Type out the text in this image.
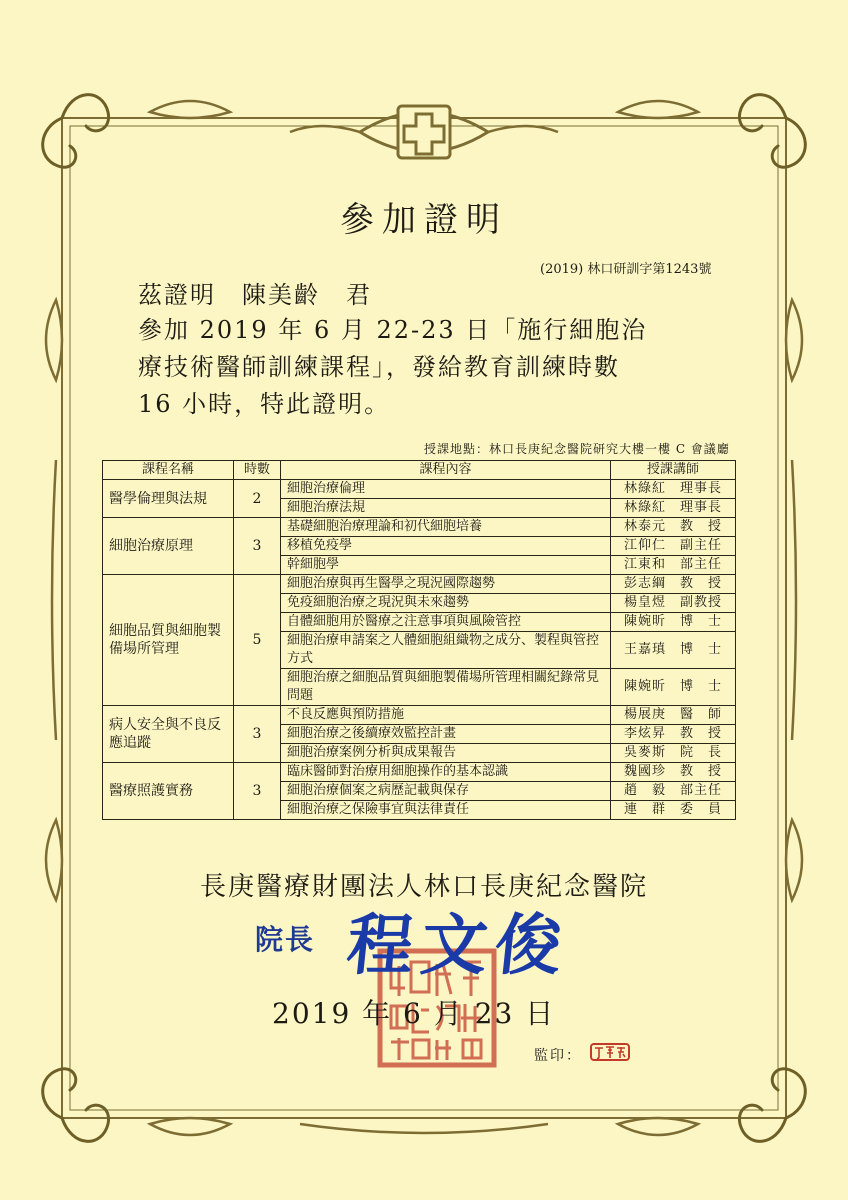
參加證明
(2019) 林口研訓字第1243號
茲證明　陳美齡　君
參加 2019 年 6 月 22-23 日「施行細胞治
療技術醫師訓練課程」，發給教育訓練時數
16 小時，特此證明。
授課地點：林口長庚紀念醫院研究大樓一樓 C 會議廳
課程名稱	時數	課程內容	授課講師
醫學倫理與法規	2	細胞治療倫理	林綠紅　理事長
		細胞治療法規	林綠紅　理事長
細胞治療原理	3	基礎細胞治療理論和初代細胞培養	林泰元　教　授
		移植免疫學	江仰仁　副主任
		幹細胞學	江東和　部主任
細胞品質與細胞製備場所管理	5	細胞治療與再生醫學之現況國際趨勢	彭志綱　教　授
		免疫細胞治療之現況與未來趨勢	楊皇煜　副教授
		自體細胞用於醫療之注意事項與風險管控	陳婉昕　博　士
		細胞治療申請案之人體細胞組織物之成分、製程與管控方式	王嘉瑱　博　士
		細胞治療之細胞品質與細胞製備場所管理相關紀錄常見問題	陳婉昕　博　士
病人安全與不良反應追蹤	3	不良反應與預防措施	楊展庚　醫　師
		細胞治療之後續療效監控計畫	李炫昇　教　授
		細胞治療案例分析與成果報告	吳麥斯　院　長
醫療照護實務	3	臨床醫師對治療用細胞操作的基本認識	魏國珍　教　授
		細胞治療個案之病歷記載與保存	趙　毅　部主任
		細胞治療之保險事宜與法律責任	連　群　委　員
長庚醫療財團法人林口長庚紀念醫院
院長 程文俊
2019 年 6 月 23 日
監印：
